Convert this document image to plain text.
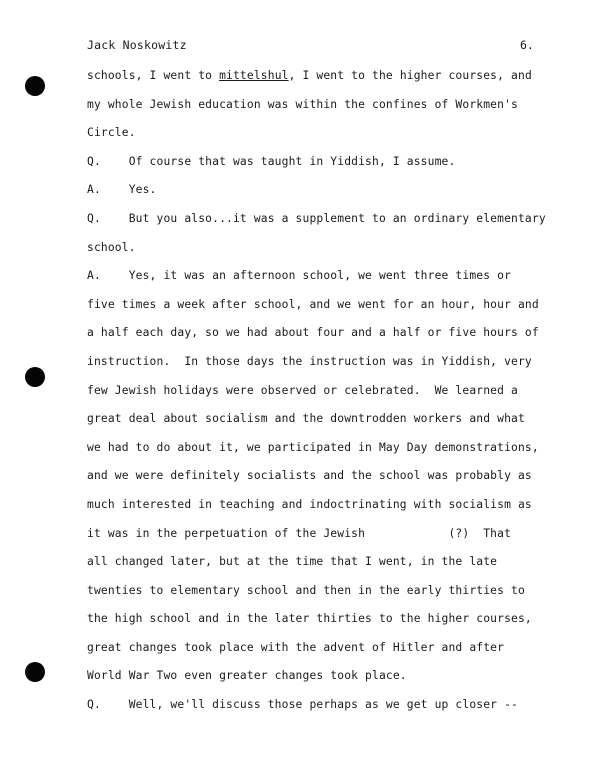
Jack Noskowitz	6.
schools, I went to mittelshul, I went to the higher courses, and
my whole Jewish education was within the confines of Workmen's
Circle.
Q.    Of course that was taught in Yiddish, I assume.
A.    Yes.
Q.    But you also...it was a supplement to an ordinary elementary
school.
A.    Yes, it was an afternoon school, we went three times or
five times a week after school, and we went for an hour, hour and
a half each day, so we had about four and a half or five hours of
instruction.  In those days the instruction was in Yiddish, very
few Jewish holidays were observed or celebrated.  We learned a
great deal about socialism and the downtrodden workers and what
we had to do about it, we participated in May Day demonstrations,
and we were definitely socialists and the school was probably as
much interested in teaching and indoctrinating with socialism as
it was in the perpetuation of the Jewish            (?)  That
all changed later, but at the time that I went, in the late
twenties to elementary school and then in the early thirties to
the high school and in the later thirties to the higher courses,
great changes took place with the advent of Hitler and after
World War Two even greater changes took place.
Q.    Well, we'll discuss those perhaps as we get up closer --
